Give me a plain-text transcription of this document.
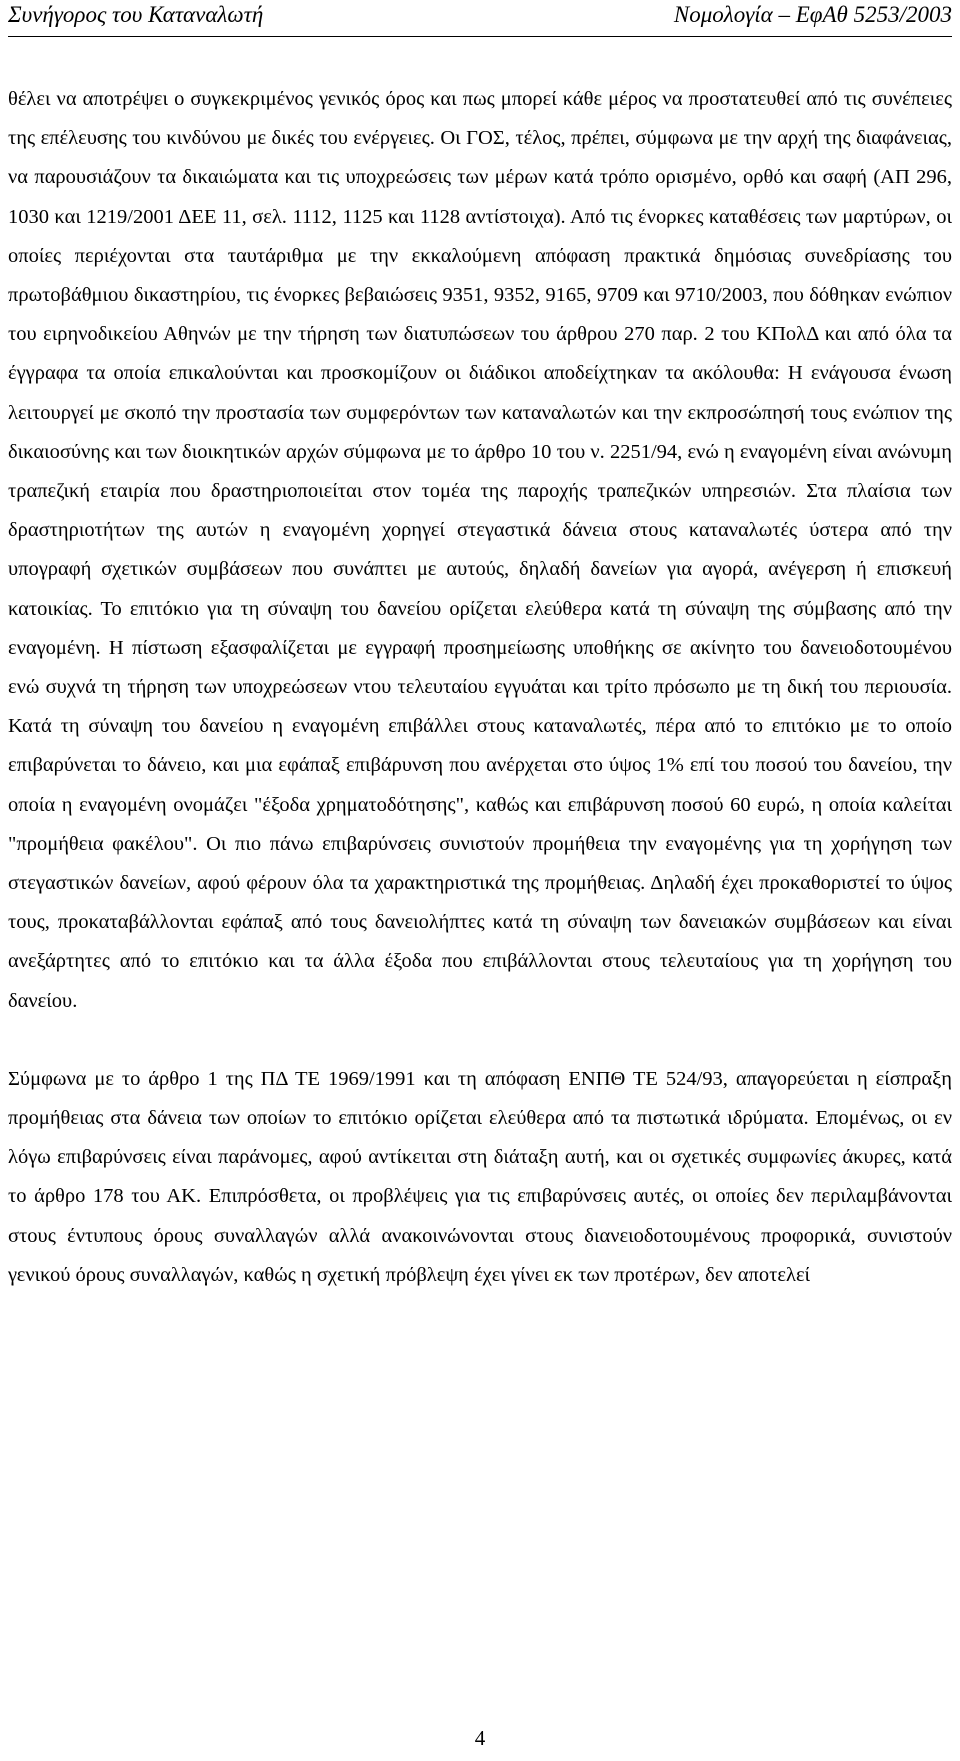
Συνήγορος του Καταναλωτή	Νομολογία – ΕφΑθ 5253/2003

θέλει να αποτρέψει ο συγκεκριμένος γενικός όρος και πως μπορεί κάθε μέρος να προστατευθεί από τις συνέπειες της επέλευσης του κινδύνου με δικές του ενέργειες. Οι ΓΟΣ, τέλος, πρέπει, σύμφωνα με την αρχή της διαφάνειας, να παρουσιάζουν τα δικαιώματα και τις υποχρεώσεις των μέρων κατά τρόπο ορισμένο, ορθό και σαφή (ΑΠ 296, 1030 και 1219/2001 ΔΕΕ 11, σελ. 1112, 1125 και 1128 αντίστοιχα). Από τις ένορκες καταθέσεις των μαρτύρων, οι οποίες περιέχονται στα ταυτάριθμα με την εκκαλούμενη απόφαση πρακτικά δημόσιας συνεδρίασης του πρωτοβάθμιου δικαστηρίου, τις ένορκες βεβαιώσεις 9351, 9352, 9165, 9709 και 9710/2003, που δόθηκαν ενώπιον του ειρηνοδικείου Αθηνών με την τήρηση των διατυπώσεων του άρθρου 270 παρ. 2 του ΚΠολΔ και από όλα τα έγγραφα τα οποία επικαλούνται και προσκομίζουν οι διάδικοι αποδείχτηκαν τα ακόλουθα: Η ενάγουσα ένωση λειτουργεί με σκοπό την προστασία των συμφερόντων των καταναλωτών και την εκπροσώπησή τους ενώπιον της δικαιοσύνης και των διοικητικών αρχών σύμφωνα με το άρθρο 10 του ν. 2251/94, ενώ η εναγομένη είναι ανώνυμη τραπεζική εταιρία που δραστηριοποιείται στον τομέα της παροχής τραπεζικών υπηρεσιών. Στα πλαίσια των δραστηριοτήτων της αυτών η εναγομένη χορηγεί στεγαστικά δάνεια στους καταναλωτές ύστερα από την υπογραφή σχετικών συμβάσεων που συνάπτει με αυτούς, δηλαδή δανείων για αγορά, ανέγερση ή επισκευή κατοικίας. Το επιτόκιο για τη σύναψη του δανείου ορίζεται ελεύθερα κατά τη σύναψη της σύμβασης από την εναγομένη. Η πίστωση εξασφαλίζεται με εγγραφή προσημείωσης υποθήκης σε ακίνητο του δανειοδοτουμένου ενώ συχνά τη τήρηση των υποχρεώσεων ντου τελευταίου εγγυάται και τρίτο πρόσωπο με τη δική του περιουσία. Κατά τη σύναψη του δανείου η εναγομένη επιβάλλει στους καταναλωτές, πέρα από το επιτόκιο με το οποίο επιβαρύνεται το δάνειο, και μια εφάπαξ επιβάρυνση που ανέρχεται στο ύψος 1% επί του ποσού του δανείου, την οποία η εναγομένη ονομάζει "έξοδα χρηματοδότησης", καθώς και επιβάρυνση ποσού 60 ευρώ, η οποία καλείται "προμήθεια φακέλου". Οι πιο πάνω επιβαρύνσεις συνιστούν προμήθεια την εναγομένης για τη χορήγηση των στεγαστικών δανείων, αφού φέρουν όλα τα χαρακτηριστικά της προμήθειας. Δηλαδή έχει προκαθοριστεί το ύψος τους, προκαταβάλλονται εφάπαξ από τους δανειολήπτες κατά τη σύναψη των δανειακών συμβάσεων και είναι ανεξάρτητες από το επιτόκιο και τα άλλα έξοδα που επιβάλλονται στους τελευταίους για τη χορήγηση του δανείου.

Σύμφωνα με το άρθρο 1 της ΠΔ ΤΕ 1969/1991 και τη απόφαση ΕΝΠΘ ΤΕ 524/93, απαγορεύεται η είσπραξη προμήθειας στα δάνεια των οποίων το επιτόκιο ορίζεται ελεύθερα από τα πιστωτικά ιδρύματα. Επομένως, οι εν λόγω επιβαρύνσεις είναι παράνομες, αφού αντίκειται στη διάταξη αυτή, και οι σχετικές συμφωνίες άκυρες, κατά το άρθρο 178 του ΑΚ. Επιπρόσθετα, οι προβλέψεις για τις επιβαρύνσεις αυτές, οι οποίες δεν περιλαμβάνονται στους έντυπους όρους συναλλαγών αλλά ανακοινώνονται στους διανειοδοτουμένους προφορικά, συνιστούν γενικού όρους συναλλαγών, καθώς η σχετική πρόβλεψη έχει γίνει εκ των προτέρων, δεν αποτελεί

4
